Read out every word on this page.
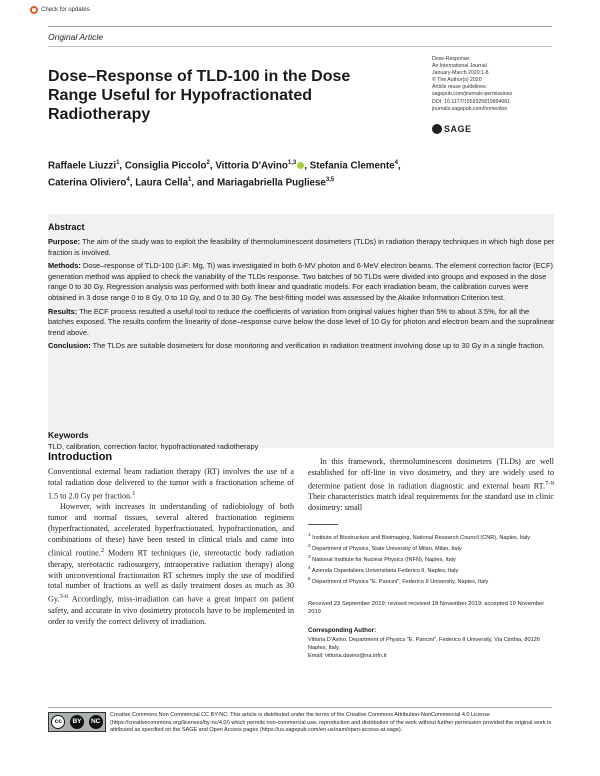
Check for updates
Original Article
Dose–Response of TLD-100 in the Dose Range Useful for Hypofractionated Radiotherapy
Dose-Response:
An International Journal
January-March 2020:1-8
© The Author(s) 2020
Article reuse guidelines:
sagepub.com/journals-permissions
DOI: 10.1177/1559325819894081
journals.sagepub.com/home/dos
SAGE
Raffaele Liuzzi$^1$, Consiglia Piccolo$^2$, Vittoria D'Avino$^{1,3}$ , Stefania Clemente$^4$,
Caterina Oliviero$^4$, Laura Cella$^1$, and Mariagabriella Pugliese$^{3,5}$
Abstract

Purpose: The aim of the study was to exploit the feasibility of thermoluminescent dosimeters (TLDs) in radiation therapy techniques in which high dose per fraction is involved.

Methods: Dose–response of TLD-100 (LiF: Mg, Ti) was investigated in both 6-MV photon and 6-MeV electron beams. The element correction factor (ECF) generation method was applied to check the variability of the TLDs response. Two batches of 50 TLDs were divided into groups and exposed in the dose range 0 to 30 Gy. Regression analysis was performed with both linear and quadratic models. For each irradiation beam, the calibration curves were obtained in 3 dose range 0 to 8 Gy, 0 to 10 Gy, and 0 to 30 Gy. The best-fitting model was assessed by the Akaike Information Criterion test.

Results: The ECF process resulted a useful tool to reduce the coefficients of variation from original values higher than 5% to about 3.5%, for all the batches exposed. The results confirm the linearity of dose–response curve below the dose level of 10 Gy for photon and electron beam and the supralinear trend above.

Conclusion: The TLDs are suitable dosimeters for dose monitoring and verification in radiation treatment involving dose up to 30 Gy in a single fraction.

Keywords
TLD, calibration, correction factor, hypofractionated radiotherapy
Introduction

Conventional external beam radiation therapy (RT) involves the use of a total radiation dose delivered to the tumor with a fractionation scheme of 1.5 to 2.0 Gy per fraction.$^1$

However, with increases in understanding of radiobiology of both tumor and normal tissues, several altered fractionation regimens (hyperfractionated, accelerated hyperfractionated, hypofractionation, and combinations of these) have been tested in clinical trials and came into clinical routine.$^2$ Modern RT techniques (ie, stereotactic body radiation therapy, stereotactic radiosurgery, intraoperative radiation therapy) along with unconventional fractionation RT schemes imply the use of modified total number of fractions as well as daily treatment doses as much as 30 Gy.$^{3-6}$ Accordingly, miss-irradiation can have a great impact on patient safety, and accurate in vivo dosimetry protocols have to be implemented in order to verify the correct delivery of irradiation.

In this framework, thermoluminescent dosimeters (TLDs) are well established for off-line in vivo dosimetry, and they are widely used to determine patient dose in radiation diagnostic and external beam RT.$^{7-9}$ Their characteristics match ideal requirements for the standard use in clinic dosimetry: small

$^1$ Institute of Biostructure and Bioimaging, National Research Council (CNR), Naples, Italy
$^2$ Department of Physics, State University of Milan, Milan, Italy
$^3$ National Institute for Nuclear Physics (INFN), Naples, Italy
$^4$ Azienda Ospedaliera Universitaria Federico II, Naples, Italy
$^5$ Department of Physics "E. Pancini", Federico II University, Naples, Italy
Received 23 September 2019; revised received 18 November 2019; accepted 19 November 2019
Corresponding Author:
Vittoria D'Avino, Department of Physics "E. Pancini", Federico II University, Via Cinthia, 80126 Naples, Italy.
Email: vittoria.davino@na.infn.it
cc	BY	NC
Creative Commons Non Commercial CC BY-NC: This article is distributed under the terms of the Creative Commons Attribution-NonCommercial 4.0 License (https://creativecommons.org/licenses/by-nc/4.0/) which permits non-commercial use, reproduction and distribution of the work without further permission provided the original work is attributed as specified on the SAGE and Open Access pages (https://us.sagepub.com/en-us/nam/open-access-at-sage).
